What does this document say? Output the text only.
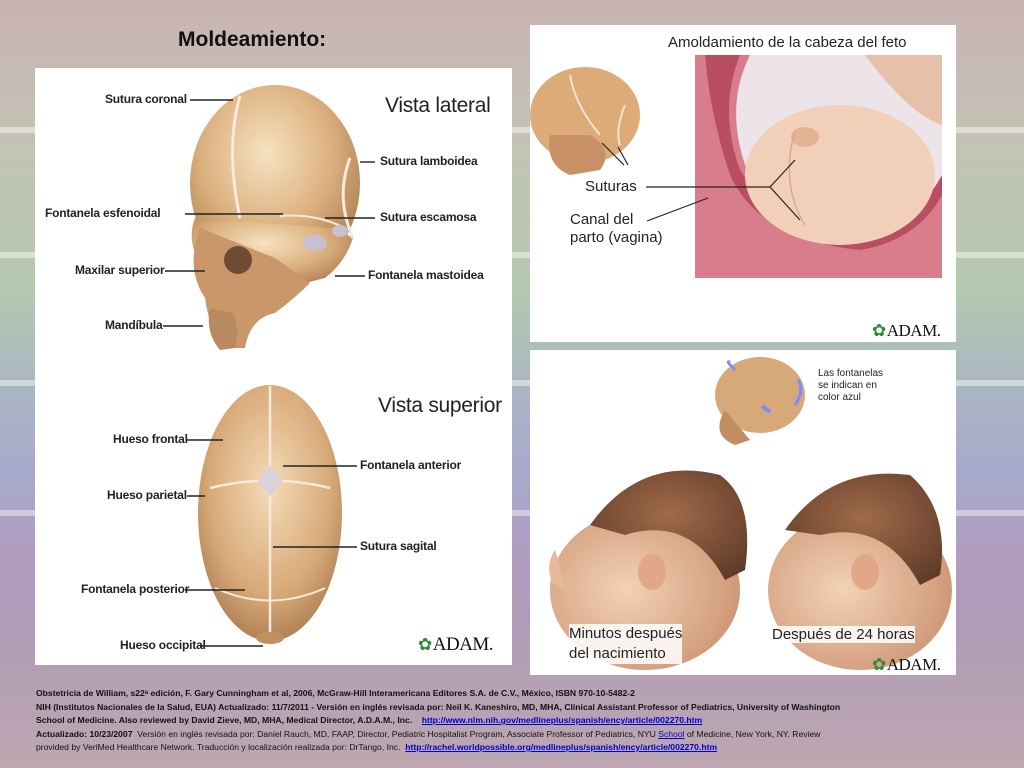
Moldeamiento:
Sutura coronal	Vista lateral
Sutura lamboidea
Fontanela esfenoidal	Sutura escamosa
Maxilar superior	Fontanela mastoidea
Mandíbula
Vista superior
Hueso frontal
Fontanela anterior
Hueso parietal
Sutura sagital
Fontanela posterior
Hueso occipital	✿ADAM.
Amoldamiento de la cabeza del feto
Suturas
Canal del
parto (vagina)
✿ADAM.
Las fontanelas
se indican en
color azul
Minutos después
del nacimiento
Después de 24 horas
✿ADAM.
Obstetricia de William, s22ᵃ edición, F. Gary Cunningham et al, 2006, McGraw-Hill Interamericana Editores S.A. de C.V., México, ISBN 970-10-5482-2
NIH (Institutos Nacionales de la Salud, EUA) Actualizado: 11/7/2011 - Versión en inglés revisada por: Neil K. Kaneshiro, MD, MHA, Clinical Assistant Professor of Pediatrics, University of Washington
School of Medicine. Also reviewed by David Zieve, MD, MHA, Medical Director, A.D.A.M., Inc. http://www.nlm.nih.gov/medlineplus/spanish/ency/article/002270.htm
Actualizado: 10/23/2007 Versión en inglés revisada por: Daniel Rauch, MD, FAAP, Director, Pediatric Hospitalist Program, Associate Professor of Pediatrics, NYU School of Medicine, New York, NY. Review
provided by VeriMed Healthcare Network. Traducción y localización realizada por: DrTango, Inc. http://rachel.worldpossible.org/medlineplus/spanish/ency/article/002270.htm
